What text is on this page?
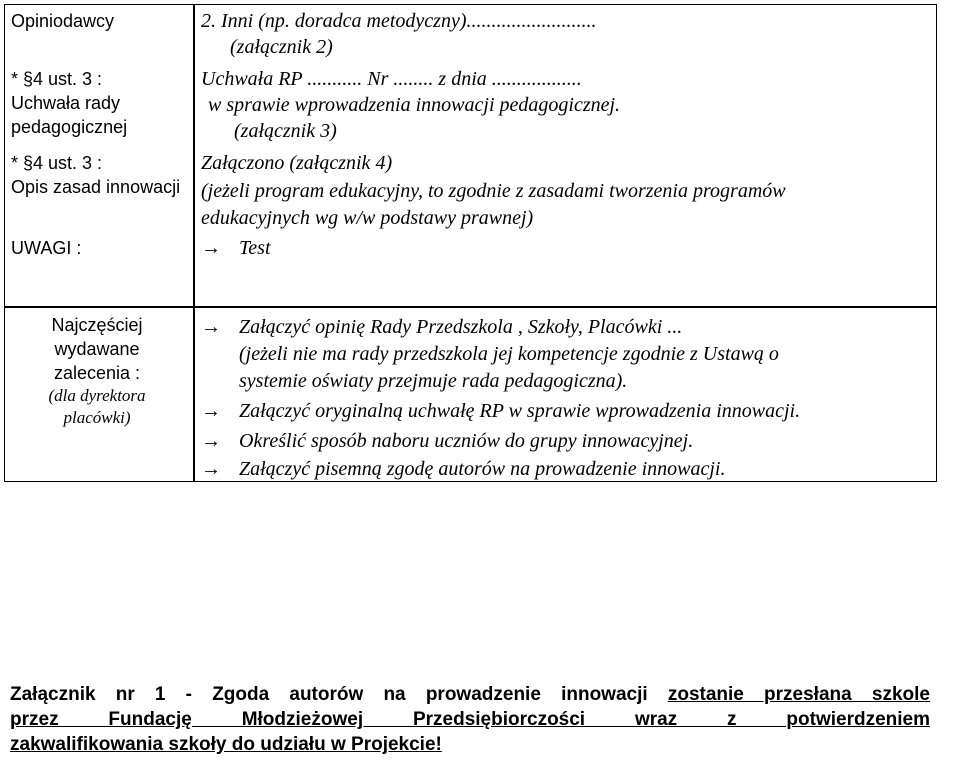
Opiniodawcy	2. Inni (np. doradca metodyczny)..........................
(załącznik 2)
* §4 ust. 3 :
Uchwała rady
pedagogicznej
Uchwała RP ........... Nr ........ z dnia ..................
w sprawie wprowadzenia innowacji pedagogicznej.
(załącznik 3)
* §4 ust. 3 :
Opis zasad innowacji
Załączono (załącznik 4)
(jeżeli program edukacyjny, to zgodnie z zasadami tworzenia programów
edukacyjnych wg w/w podstawy prawnej)
UWAGI :	→ Test
Najczęściej
wydawane
zalecenia :
(dla dyrektora
placówki)
→ Załączyć opinię Rady Przedszkola , Szkoły, Placówki ...
(jeżeli nie ma rady przedszkola jej kompetencje zgodnie z Ustawą o
systemie oświaty przejmuje rada pedagogiczna).
→ Załączyć oryginalną uchwałę RP w sprawie wprowadzenia innowacji.
→ Określić sposób naboru uczniów do grupy innowacyjnej.
→ Załączyć pisemną zgodę autorów na prowadzenie innowacji.
Załącznik nr 1 - Zgoda autorów na prowadzenie innowacji zostanie przesłana szkole
przez Fundację Młodzieżowej Przedsiębiorczości wraz z potwierdzeniem
zakwalifikowania szkoły do udziału w Projekcie!
